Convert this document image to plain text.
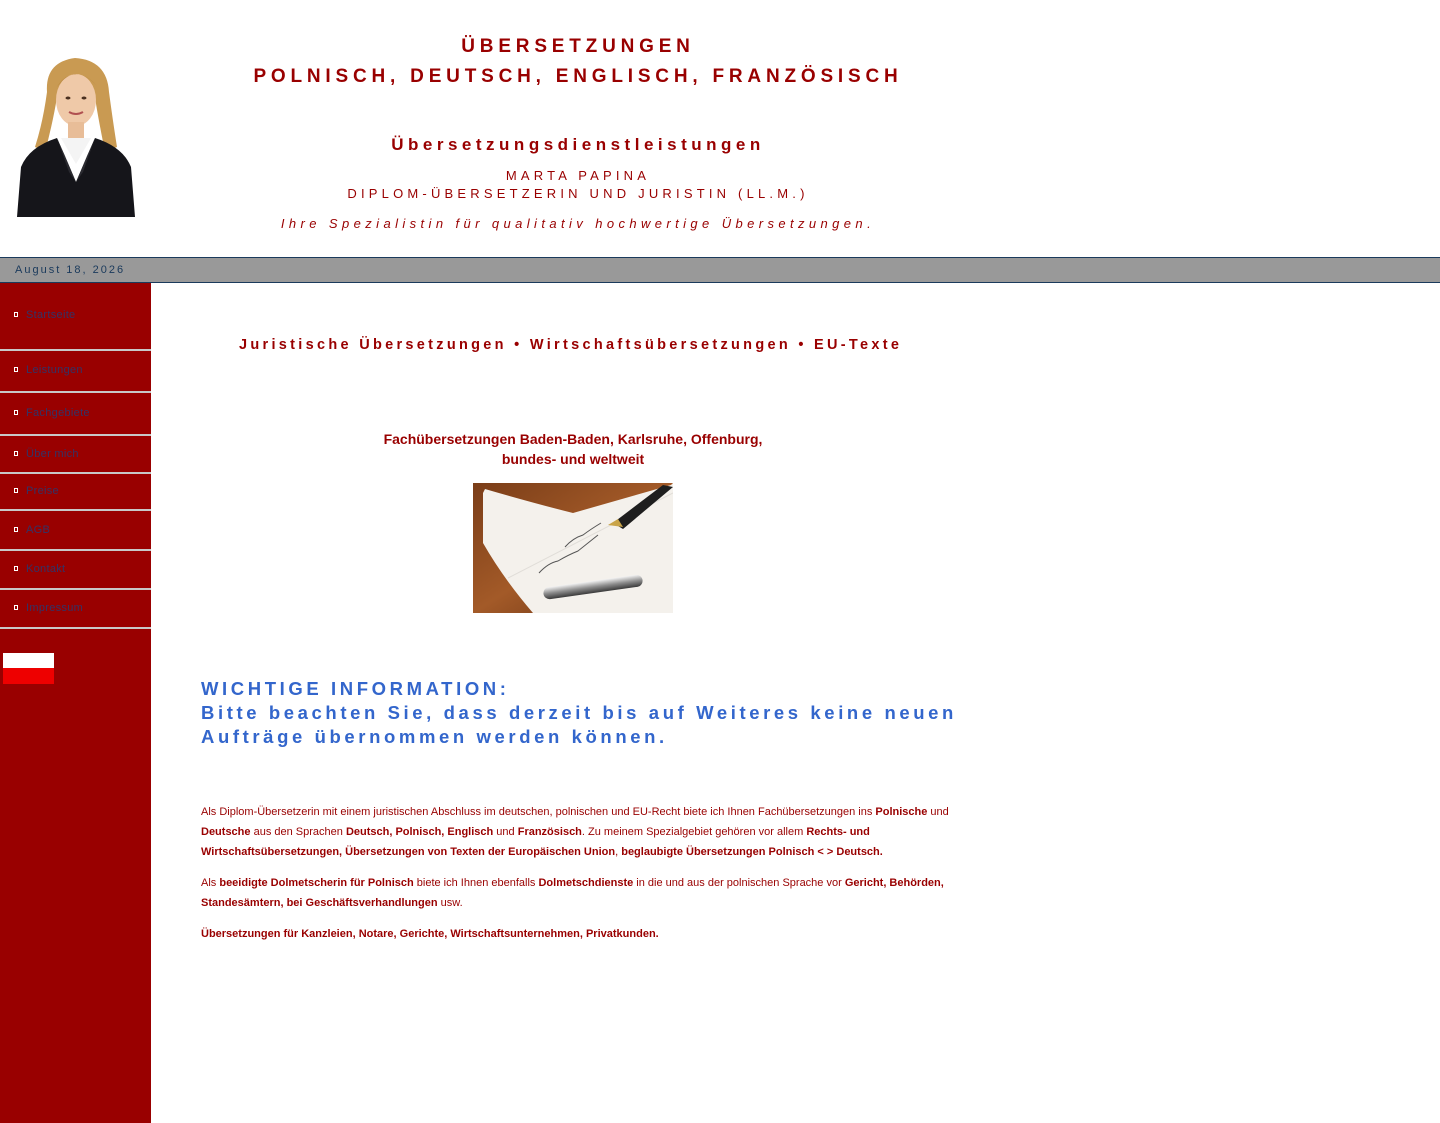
ÜBERSETZUNGEN
POLNISCH, DEUTSCH, ENGLISCH, FRANZÖSISCH
Übersetzungsdienstleistungen
MARTA PAPINA
DIPLOM-ÜBERSETZERIN UND JURISTIN (LL.M.)
Ihre Spezialistin für qualitativ hochwertige Übersetzungen.
August 18, 2026
Startseite
Leistungen
Fachgebiete
Über mich
Preise
AGB
Kontakt
Impressum
Juristische Übersetzungen • Wirtschaftsübersetzungen • EU-Texte
Fachübersetzungen Baden-Baden, Karlsruhe, Offenburg,
bundes- und weltweit
WICHTIGE INFORMATION:
Bitte beachten Sie, dass derzeit bis auf Weiteres keine neuen
Aufträge übernommen werden können.

Als Diplom-Übersetzerin mit einem juristischen Abschluss im deutschen, polnischen und EU-Recht biete ich Ihnen Fachübersetzungen ins Polnische und Deutsche aus den Sprachen Deutsch, Polnisch, Englisch und Französisch. Zu meinem Spezialgebiet gehören vor allem Rechts- und Wirtschaftsübersetzungen, Übersetzungen von Texten der Europäischen Union, beglaubigte Übersetzungen Polnisch < > Deutsch.

Als beeidigte Dolmetscherin für Polnisch biete ich Ihnen ebenfalls Dolmetschdienste in die und aus der polnischen Sprache vor Gericht, Behörden, Standesämtern, bei Geschäftsverhandlungen usw.

Übersetzungen für Kanzleien, Notare, Gerichte, Wirtschaftsunternehmen, Privatkunden.
